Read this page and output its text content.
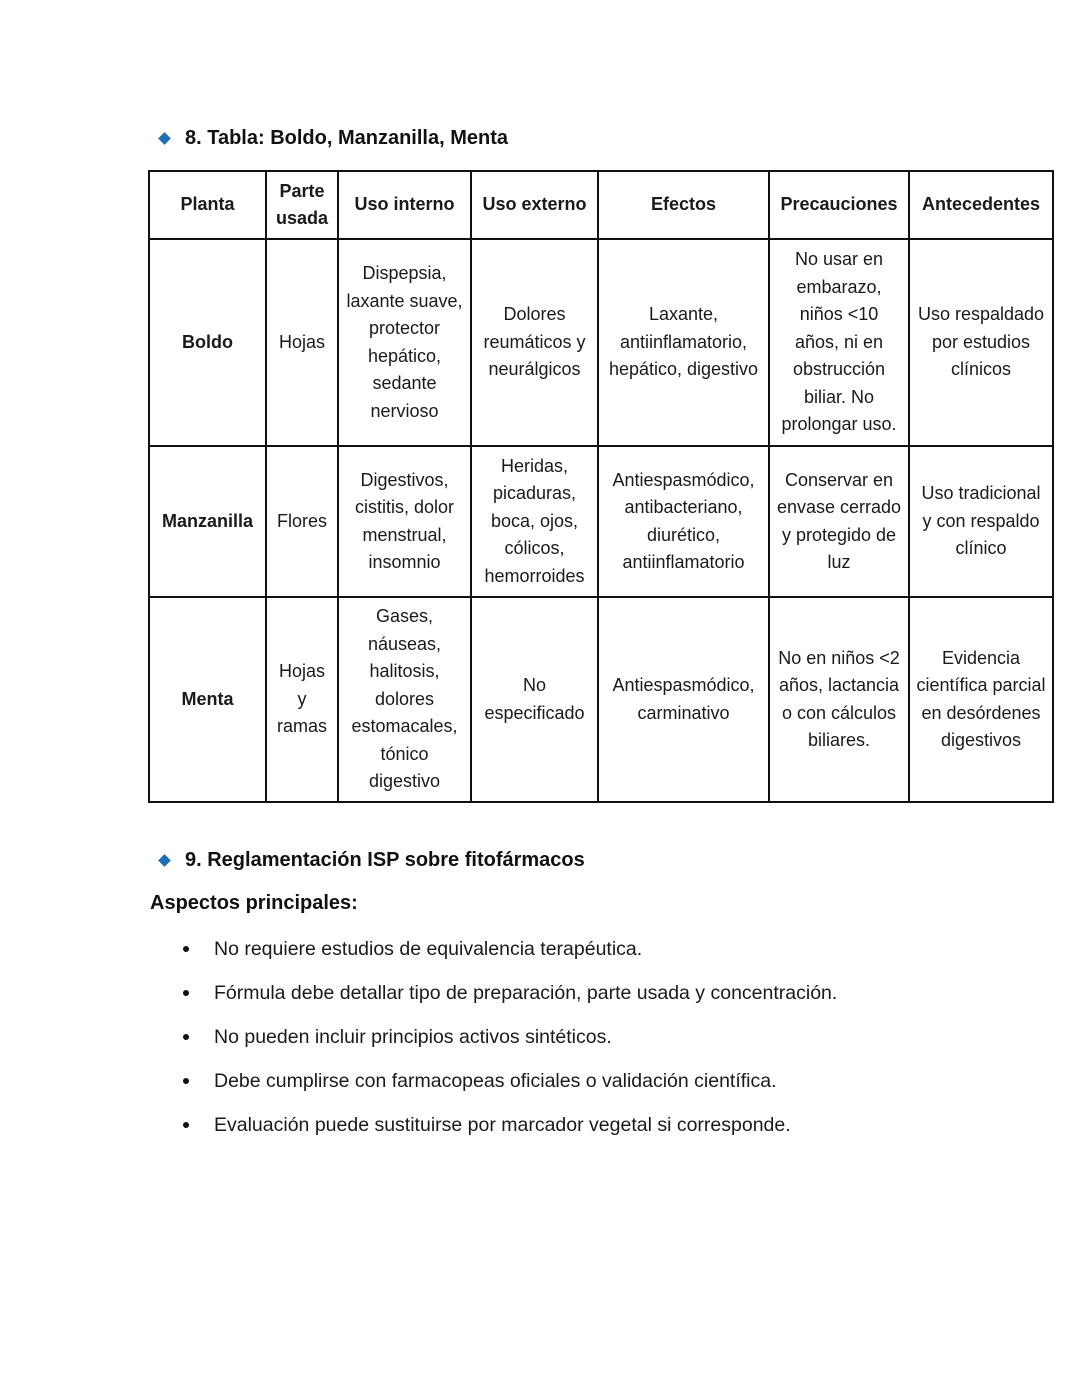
8. Tabla: Boldo, Manzanilla, Menta
Planta	Parte usada	Uso interno	Uso externo	Efectos	Precauciones	Antecedentes
Boldo	Hojas	Dispepsia, laxante suave, protector hepático, sedante nervioso	Dolores reumáticos y neurálgicos	Laxante, antiinflamatorio, hepático, digestivo	No usar en embarazo, niños <10 años, ni en obstrucción biliar. No prolongar uso.	Uso respaldado por estudios clínicos
Manzanilla	Flores	Digestivos, cistitis, dolor menstrual, insomnio	Heridas, picaduras, boca, ojos, cólicos, hemorroides	Antiespasmódico, antibacteriano, diurético, antiinflamatorio	Conservar en envase cerrado y protegido de luz	Uso tradicional y con respaldo clínico
Menta	Hojas y ramas	Gases, náuseas, halitosis, dolores estomacales, tónico digestivo	No especificado	Antiespasmódico, carminativo	No en niños <2 años, lactancia o con cálculos biliares.	Evidencia científica parcial en desórdenes digestivos
9. Reglamentación ISP sobre fitofármacos
Aspectos principales:
No requiere estudios de equivalencia terapéutica.
Fórmula debe detallar tipo de preparación, parte usada y concentración.
No pueden incluir principios activos sintéticos.
Debe cumplirse con farmacopeas oficiales o validación científica.
Evaluación puede sustituirse por marcador vegetal si corresponde.
